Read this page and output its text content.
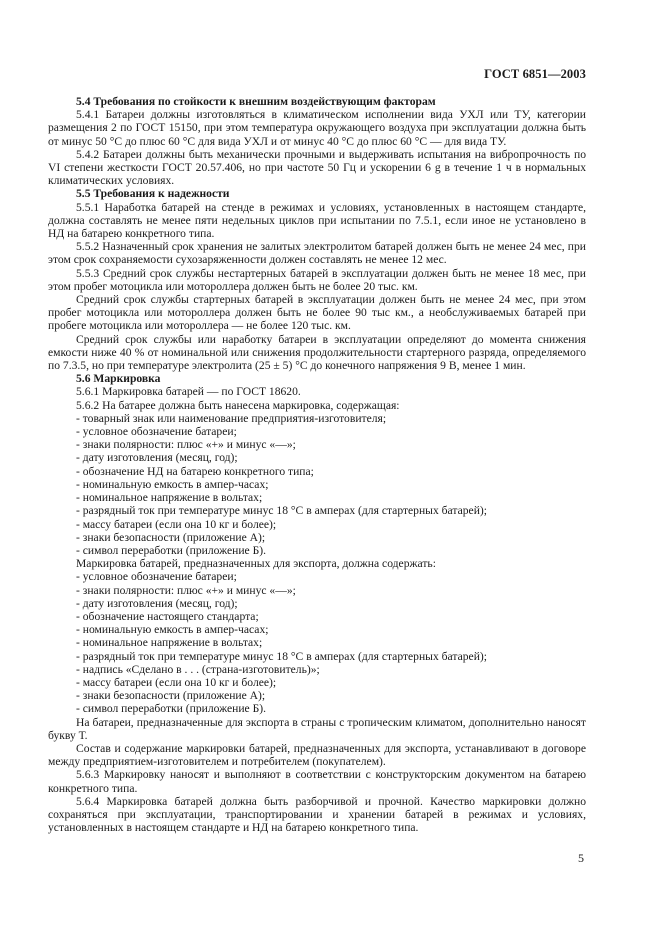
ГОСТ 6851—2003

5.4 Требования по стойкости к внешним воздействующим факторам

5.4.1 Батареи должны изготовляться в климатическом исполнении вида УХЛ или ТУ, категории размещения 2 по ГОСТ 15150, при этом температура окружающего воздуха при эксплуатации должна быть от минус 50 °С до плюс 60 °С для вида УХЛ и от минус 40 °С до плюс 60 °С — для вида ТУ.

5.4.2 Батареи должны быть механически прочными и выдерживать испытания на вибропрочность по VI степени жесткости ГОСТ 20.57.406, но при частоте 50 Гц и ускорении 6 g в течение 1 ч в нормальных климатических условиях.

5.5 Требования к надежности

5.5.1 Наработка батарей на стенде в режимах и условиях, установленных в настоящем стандарте, должна составлять не менее пяти недельных циклов при испытании по 7.5.1, если иное не установлено в НД на батарею конкретного типа.

5.5.2 Назначенный срок хранения не залитых электролитом батарей должен быть не менее 24 мес, при этом срок сохраняемости сухозаряженности должен составлять не менее 12 мес.

5.5.3 Средний срок службы нестартерных батарей в эксплуатации должен быть не менее 18 мес, при этом пробег мотоцикла или мотороллера должен быть не более 20 тыс. км.

Средний срок службы стартерных батарей в эксплуатации должен быть не менее 24 мес, при этом пробег мотоцикла или мотороллера должен быть не более 90 тыс км., а необслуживаемых батарей при пробеге мотоцикла или мотороллера — не более 120 тыс. км.

Средний срок службы или наработку батареи в эксплуатации определяют до момента снижения емкости ниже 40 % от номинальной или снижения продолжительности стартерного разряда, определяемого по 7.3.5, но при температуре электролита (25 ± 5) °С до конечного напряжения 9 В, менее 1 мин.

5.6 Маркировка

5.6.1 Маркировка батарей — по ГОСТ 18620.

5.6.2 На батарее должна быть нанесена маркировка, содержащая:

- товарный знак или наименование предприятия-изготовителя;

- условное обозначение батареи;

- знаки полярности: плюс «+» и минус «—»;

- дату изготовления (месяц, год);

- обозначение НД на батарею конкретного типа;

- номинальную емкость в ампер-часах;

- номинальное напряжение в вольтах;

- разрядный ток при температуре минус 18 °С в амперах (для стартерных батарей);

- массу батареи (если она 10 кг и более);

- знаки безопасности (приложение А);

- символ переработки (приложение Б).

Маркировка батарей, предназначенных для экспорта, должна содержать:

- условное обозначение батареи;

- знаки полярности: плюс «+» и минус «—»;

- дату изготовления (месяц, год);

- обозначение настоящего стандарта;

- номинальную емкость в ампер-часах;

- номинальное напряжение в вольтах;

- разрядный ток при температуре минус 18 °С в амперах (для стартерных батарей);

- надпись «Сделано в . . . (страна-изготовитель)»;

- массу батареи (если она 10 кг и более);

- знаки безопасности (приложение А);

- символ переработки (приложение Б).

На батареи, предназначенные для экспорта в страны с тропическим климатом, дополнительно наносят букву Т.

Состав и содержание маркировки батарей, предназначенных для экспорта, устанавливают в договоре между предприятием-изготовителем и потребителем (покупателем).

5.6.3 Маркировку наносят и выполняют в соответствии с конструкторским документом на батарею конкретного типа.

5.6.4 Маркировка батарей должна быть разборчивой и прочной. Качество маркировки должно сохраняться при эксплуатации, транспортировании и хранении батарей в режимах и условиях, установленных в настоящем стандарте и НД на батарею конкретного типа.

5
